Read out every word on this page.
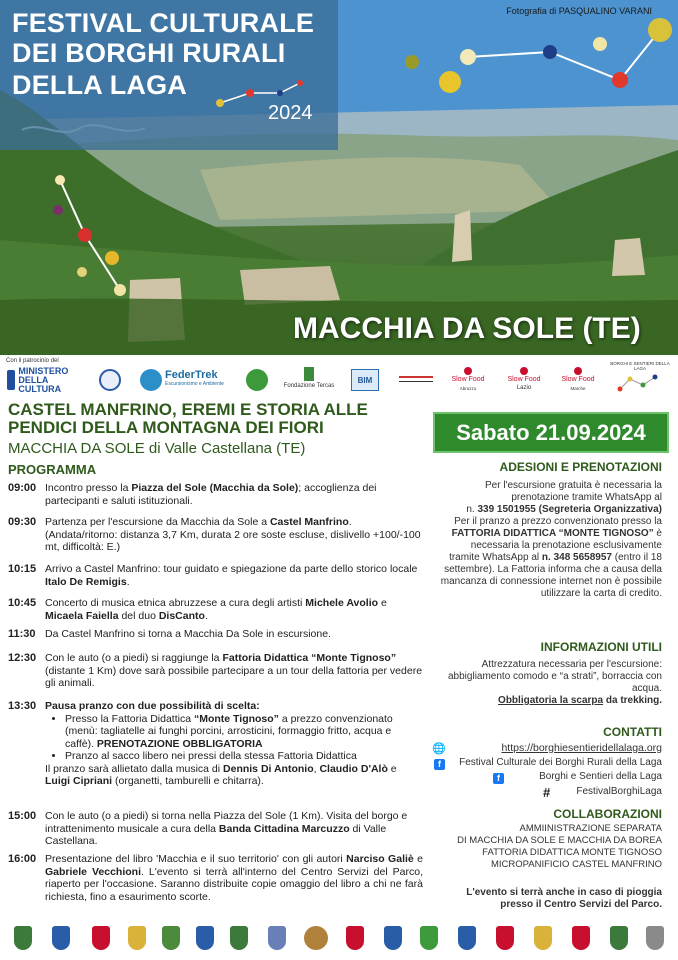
FESTIVAL CULTURALE
DEI BORGHI RURALI
DELLA LAGA
2024
Fotografia di PASQUALINO VARANI
MACCHIA DA SOLE (TE)
Con il patrocinio del
MINISTERO DELLA CULTURA
FederTrek
Escursionismo e Ambiente	Fondazione Tercas
BIM	Slow Food
Abruzzo
Slow Food
Lazio
Slow Food
Marche
BORGHI E SENTIERI DELLA LAGA
CASTEL MANFRINO, EREMI E STORIA ALLE PENDICI DELLA MONTAGNA DEI FIORI
MACCHIA DA SOLE di Valle Castellana (TE)
PROGRAMMA
09:00 Incontro presso la Piazza del Sole (Macchia da Sole); accoglienza dei partecipanti e saluti istituzionali.
09:30 Partenza per l'escursione da Macchia da Sole a Castel Manfrino. (Andata/ritorno: distanza 3,7 Km, durata 2 ore soste escluse, dislivello +100/-100 mt, difficoltà: E.)
10:15 Arrivo a Castel Manfrino: tour guidato e spiegazione da parte dello storico locale Italo De Remigis.
10:45 Concerto di musica etnica abruzzese a cura degli artisti Michele Avolio e Micaela Faiella del duo DisCanto.
11:30 Da Castel Manfrino si torna a Macchia Da Sole in escursione.
12:30 Con le auto (o a piedi) si raggiunge la Fattoria Didattica “Monte Tignoso” (distante 1 Km) dove sarà possibile partecipare a un tour della fattoria per vedere gli animali.
13:30 Pausa pranzo con due possibilità di scelta:
• Presso la Fattoria Didattica “Monte Tignoso” a prezzo convenzionato (menù: tagliatelle ai funghi porcini, arrosticini, formaggio fritto, acqua e caffè). PRENOTAZIONE OBBLIGATORIA
• Pranzo al sacco libero nei pressi della stessa Fattoria Didattica
Il pranzo sarà allietato dalla musica di Dennis Di Antonio, Claudio D'Alò e Luigi Cipriani (organetti, tamburelli e chitarra).
15:00 Con le auto (o a piedi) si torna nella Piazza del Sole (1 Km). Visita del borgo e intrattenimento musicale a cura della Banda Cittadina Marcuzzo di Valle Castellana.
16:00 Presentazione del libro 'Macchia e il suo territorio' con gli autori Narciso Galiè e Gabriele Vecchioni. L'evento si terrà all'interno del Centro Servizi del Parco, riaperto per l'occasione. Saranno distribuite copie omaggio del libro a chi ne farà richiesta, fino a esaurimento scorte.
Sabato 21.09.2024
ADESIONI E PRENOTAZIONI
Per l'escursione gratuita è necessaria la prenotazione tramite WhatsApp al
n. 339 1501955 (Segreteria Organizzativa)
Per il pranzo a prezzo convenzionato presso la FATTORIA DIDATTICA “MONTE TIGNOSO” è necessaria la prenotazione esclusivamente tramite WhatsApp al n. 348 5658957 (entro il 18 settembre). La Fattoria informa che a causa della mancanza di connessione internet non è possibile utilizzare la carta di credito.
INFORMAZIONI UTILI
Attrezzatura necessaria per l'escursione: abbigliamento comodo e “a strati”, borraccia con acqua.
Obbligatoria la scarpa da trekking.
CONTATTI
🌐	https://borghiesentieridellalaga.org
f	Festival Culturale dei Borghi Rurali della Laga
f	Borghi e Sentieri della Laga
#	FestivalBorghiLaga
COLLABORAZIONI
AMMIINISTRAZIONE SEPARATA
DI MACCHIA DA SOLE E MACCHIA DA BOREA
FATTORIA DIDATTICA MONTE TIGNOSO
MICROPANIFICIO CASTEL MANFRINO
L'evento si terrà anche in caso di pioggia
presso il Centro Servizi del Parco.
